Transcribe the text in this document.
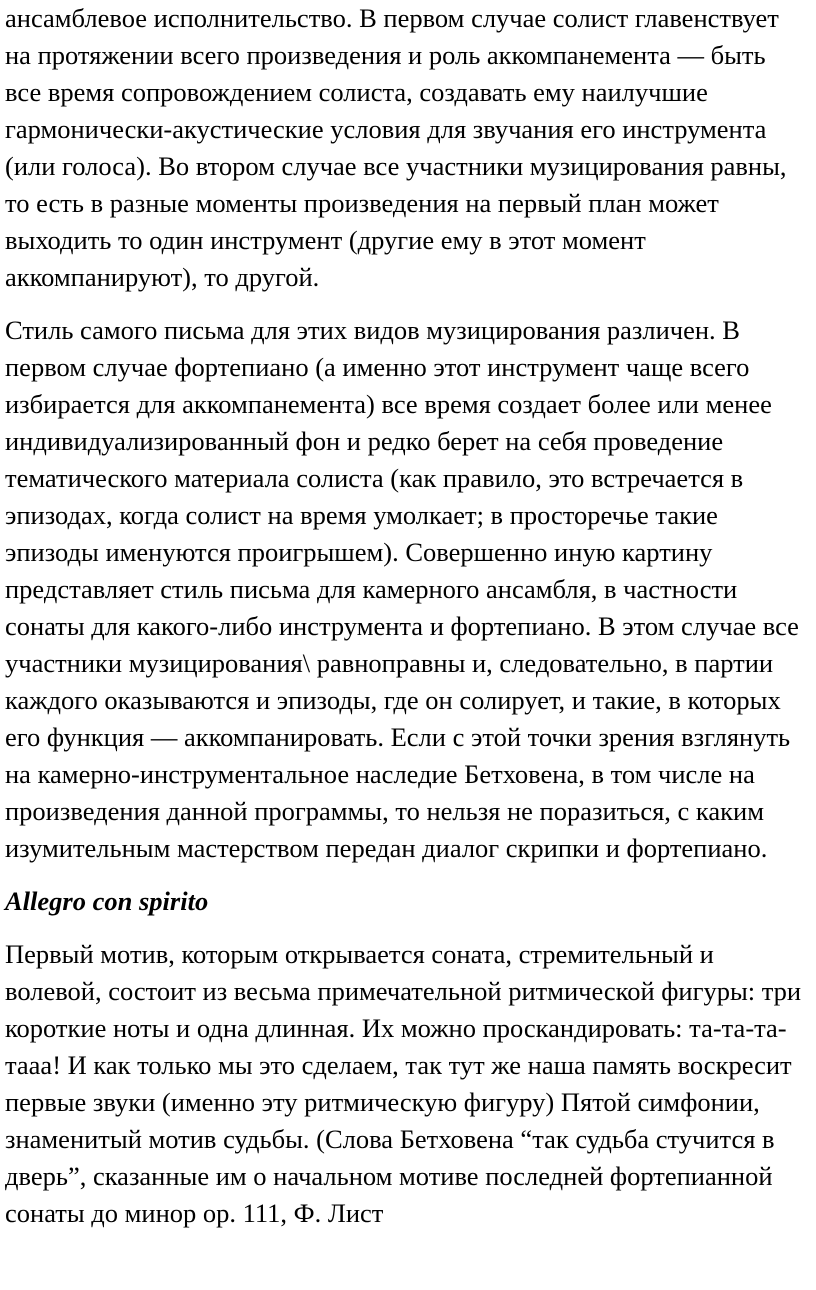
ансамблевое исполнительство. В первом случае солист главенствует на протяжении всего произведения и роль аккомпанемента — быть все время сопровождением солиста, создавать ему наилучшие гармонически-акустические условия для звучания его инструмента (или голоса). Во втором случае все участники музицирования равны, то есть в разные моменты произведения на первый план может выходить то один инструмент (другие ему в этот момент аккомпанируют), то другой.

Стиль самого письма для этих видов музицирования различен. В первом случае фортепиано (а именно этот инструмент чаще всего избирается для аккомпанемента) все время создает более или менее индивидуализированный фон и редко берет на себя проведение тематического материала солиста (как правило, это встречается в эпизодах, когда солист на время умолкает; в просторечье такие эпизоды именуются проигрышем). Совершенно иную картину представляет стиль письма для камерного ансамбля, в частности сонаты для какого-либо инструмента и фортепиано. В этом случае все участники музицирования\ равноправны и, следовательно, в партии каждого оказываются и эпизоды, где он солирует, и такие, в которых его функция — аккомпанировать. Если с этой точки зрения взглянуть на камерно-инструментальное наследие Бетховена, в том числе на произведения данной программы, то нельзя не поразиться, с каким изумительным мастерством передан диалог скрипки и фортепиано.

Allegro con spirito

Первый мотив, которым открывается соната, стремительный и волевой, состоит из весьма примечательной ритмической фигуры: три короткие ноты и одна длинная. Их можно проскандировать: та-та-та-тааа! И как только мы это сделаем, так тут же наша память воскресит первые звуки (именно эту ритмическую фигуру) Пятой симфонии, знаменитый мотив судьбы. (Слова Бетховена “так судьба стучится в дверь”, сказанные им о начальном мотиве последней фортепианной сонаты до минор ор. 111, Ф. Лист
